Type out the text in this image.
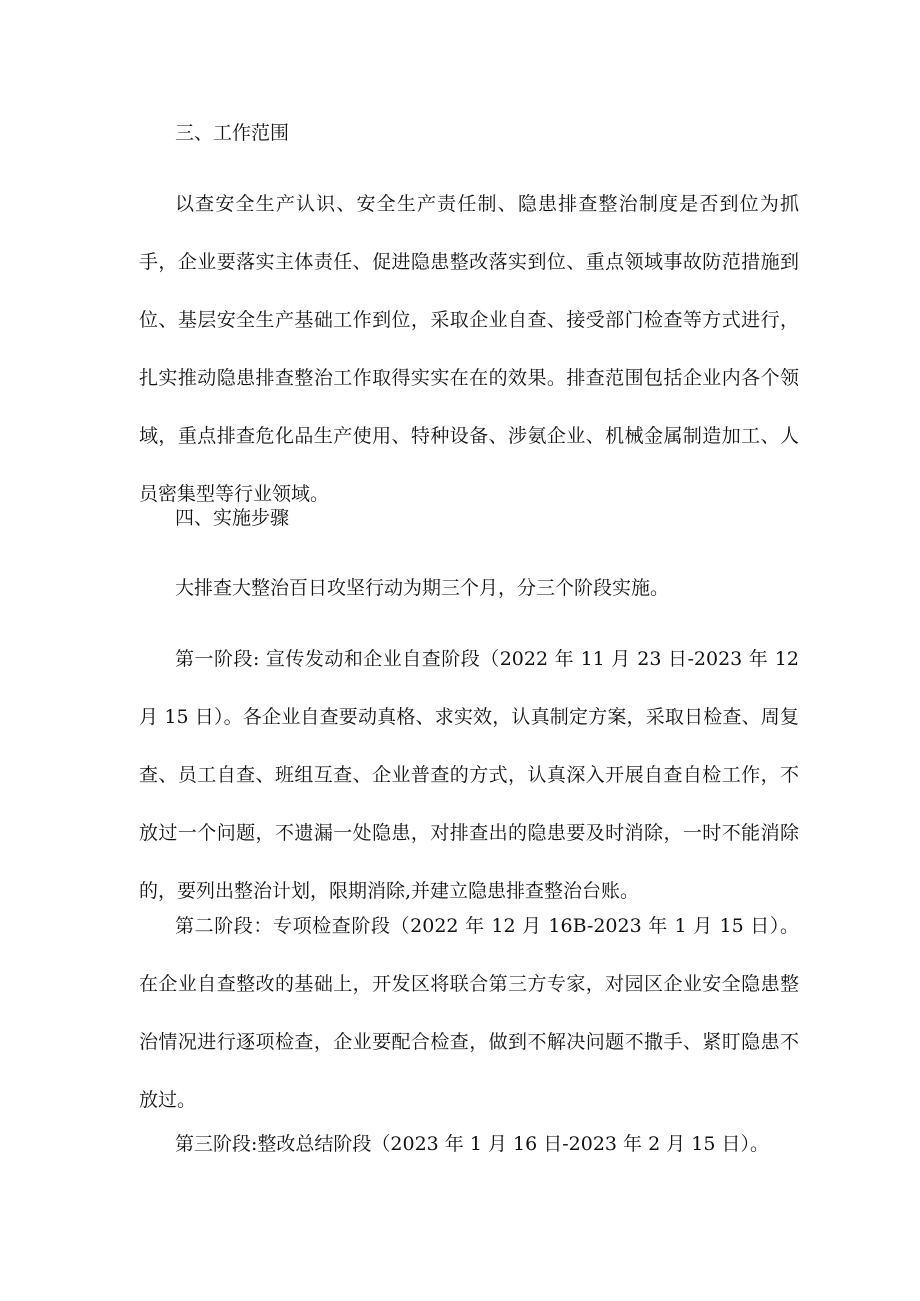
三、工作范围

以查安全生产认识、安全生产责任制、隐患排查整治制度是否到位为抓手，企业要落实主体责任、促进隐患整改落实到位、重点领域事故防范措施到位、基层安全生产基础工作到位，采取企业自查、接受部门检查等方式进行，扎实推动隐患排查整治工作取得实实在在的效果。排查范围包括企业内各个领域，重点排查危化品生产使用、特种设备、涉氨企业、机械金属制造加工、人员密集型等行业领域。

四、实施步骤
大排查大整治百日攻坚行动为期三个月，分三个阶段实施。

第一阶段: 宣传发动和企业自查阶段（2022 年 11 月 23 日-2023 年 12 月 15 日）。各企业自查要动真格、求实效，认真制定方案，采取日检查、周复查、员工自查、班组互查、企业普查的方式，认真深入开展自查自检工作，不放过一个问题，不遗漏一处隐患，对排查出的隐患要及时消除，一时不能消除的，要列出整治计划，限期消除,并建立隐患排查整治台账。

第二阶段：专项检查阶段（2022 年 12 月 16B-2023 年 1 月 15 日）。在企业自查整改的基础上，开发区将联合第三方专家，对园区企业安全隐患整治情况进行逐项检查，企业要配合检查，做到不解决问题不撒手、紧盯隐患不放过。

第三阶段:整改总结阶段（2023 年 1 月 16 日-2023 年 2 月 15 日）。
